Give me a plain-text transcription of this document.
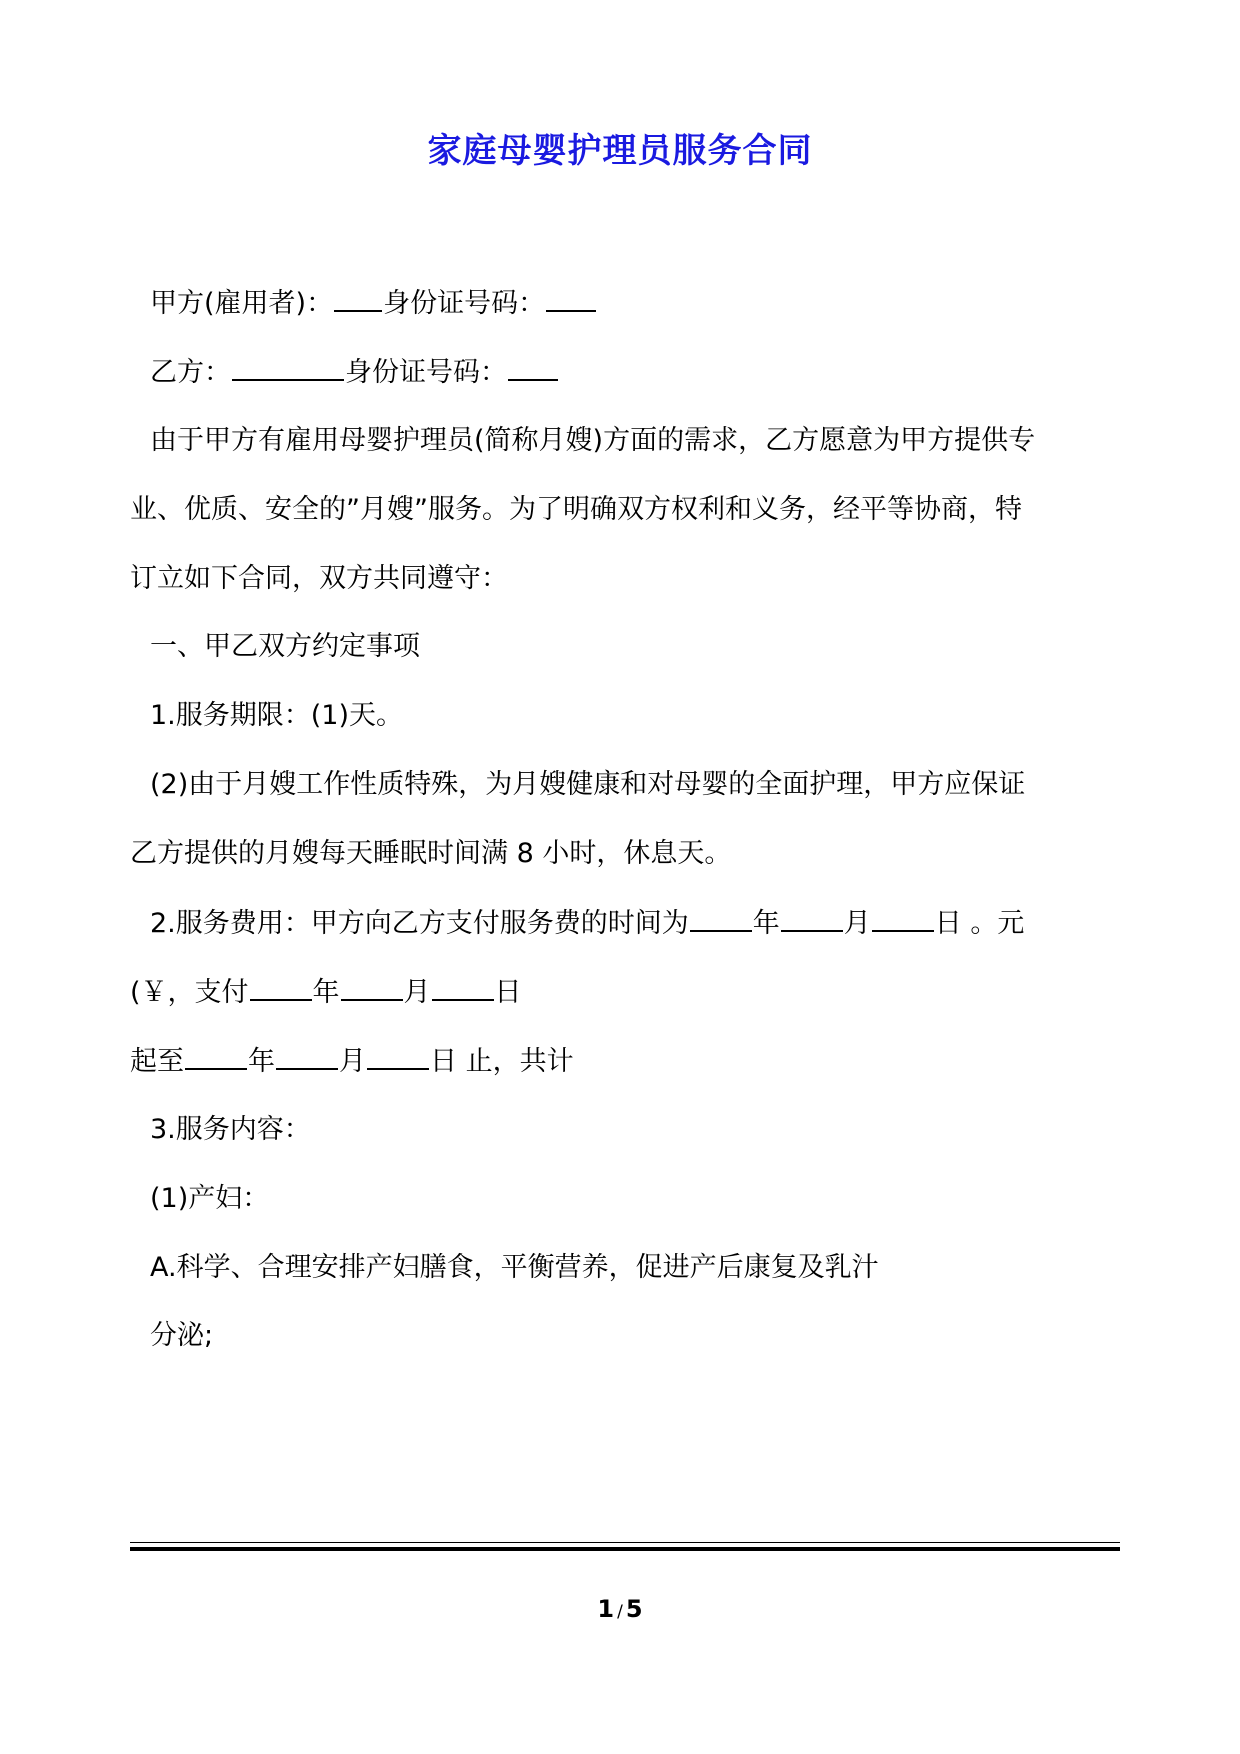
家庭母婴护理员服务合同
甲方(雇用者)： 身份证号码：
乙方：	身份证号码：
由于甲方有雇用母婴护理员(简称月嫂)方面的需求，乙方愿意为甲方提供专
业、优质、安全的”月嫂”服务。为了明确双方权利和义务，经平等协商，特
订立如下合同，双方共同遵守：
一、甲乙双方约定事项
1.服务期限：(1)天。
(2)由于月嫂工作性质特殊，为月嫂健康和对母婴的全面护理，甲方应保证
乙方提供的月嫂每天睡眠时间满 8 小时，休息天。
2.服务费用：甲方向乙方支付服务费的时间为 年 月 日 。元
(￥，支付 年 月 日
起至 年 月 日 止，共计
3.服务内容：
(1)产妇：
A.科学、合理安排产妇膳食，平衡营养，促进产后康复及乳汁
分泌;
1 / 5
